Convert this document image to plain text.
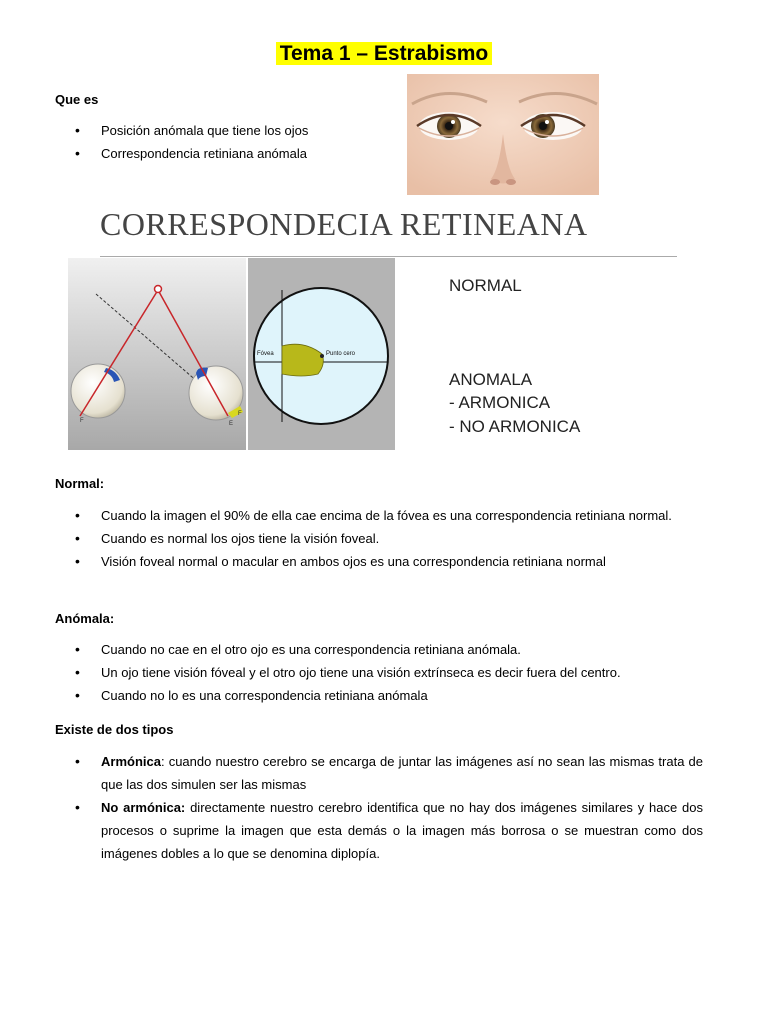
Tema 1 – Estrabismo
Que es
• Posición anómala que tiene los ojos
• Correspondencia retiniana anómala
CORRESPONDECIA RETINEANA
F
F
E
Fóvea	Punto cero
NORMAL
ANOMALA
- ARMONICA
- NO ARMONICA
Normal:
• Cuando la imagen el 90% de ella cae encima de la fóvea es una correspondencia retiniana normal.
• Cuando es normal los ojos tiene la visión foveal.
• Visión foveal normal o macular en ambos ojos es una correspondencia retiniana normal
Anómala:
• Cuando no cae en el otro ojo es una correspondencia retiniana anómala.
• Un ojo tiene visión fóveal y el otro ojo tiene una visión extrínseca es decir fuera del centro.
• Cuando no lo es una correspondencia retiniana anómala
Existe de dos tipos
• Armónica: cuando nuestro cerebro se encarga de juntar las imágenes así no sean las mismas trata de que las dos simulen ser las mismas
• No armónica: directamente nuestro cerebro identifica que no hay dos imágenes similares y hace dos procesos o suprime la imagen que esta demás o la imagen más borrosa o se muestran como dos imágenes dobles a lo que se denomina diplopía.
